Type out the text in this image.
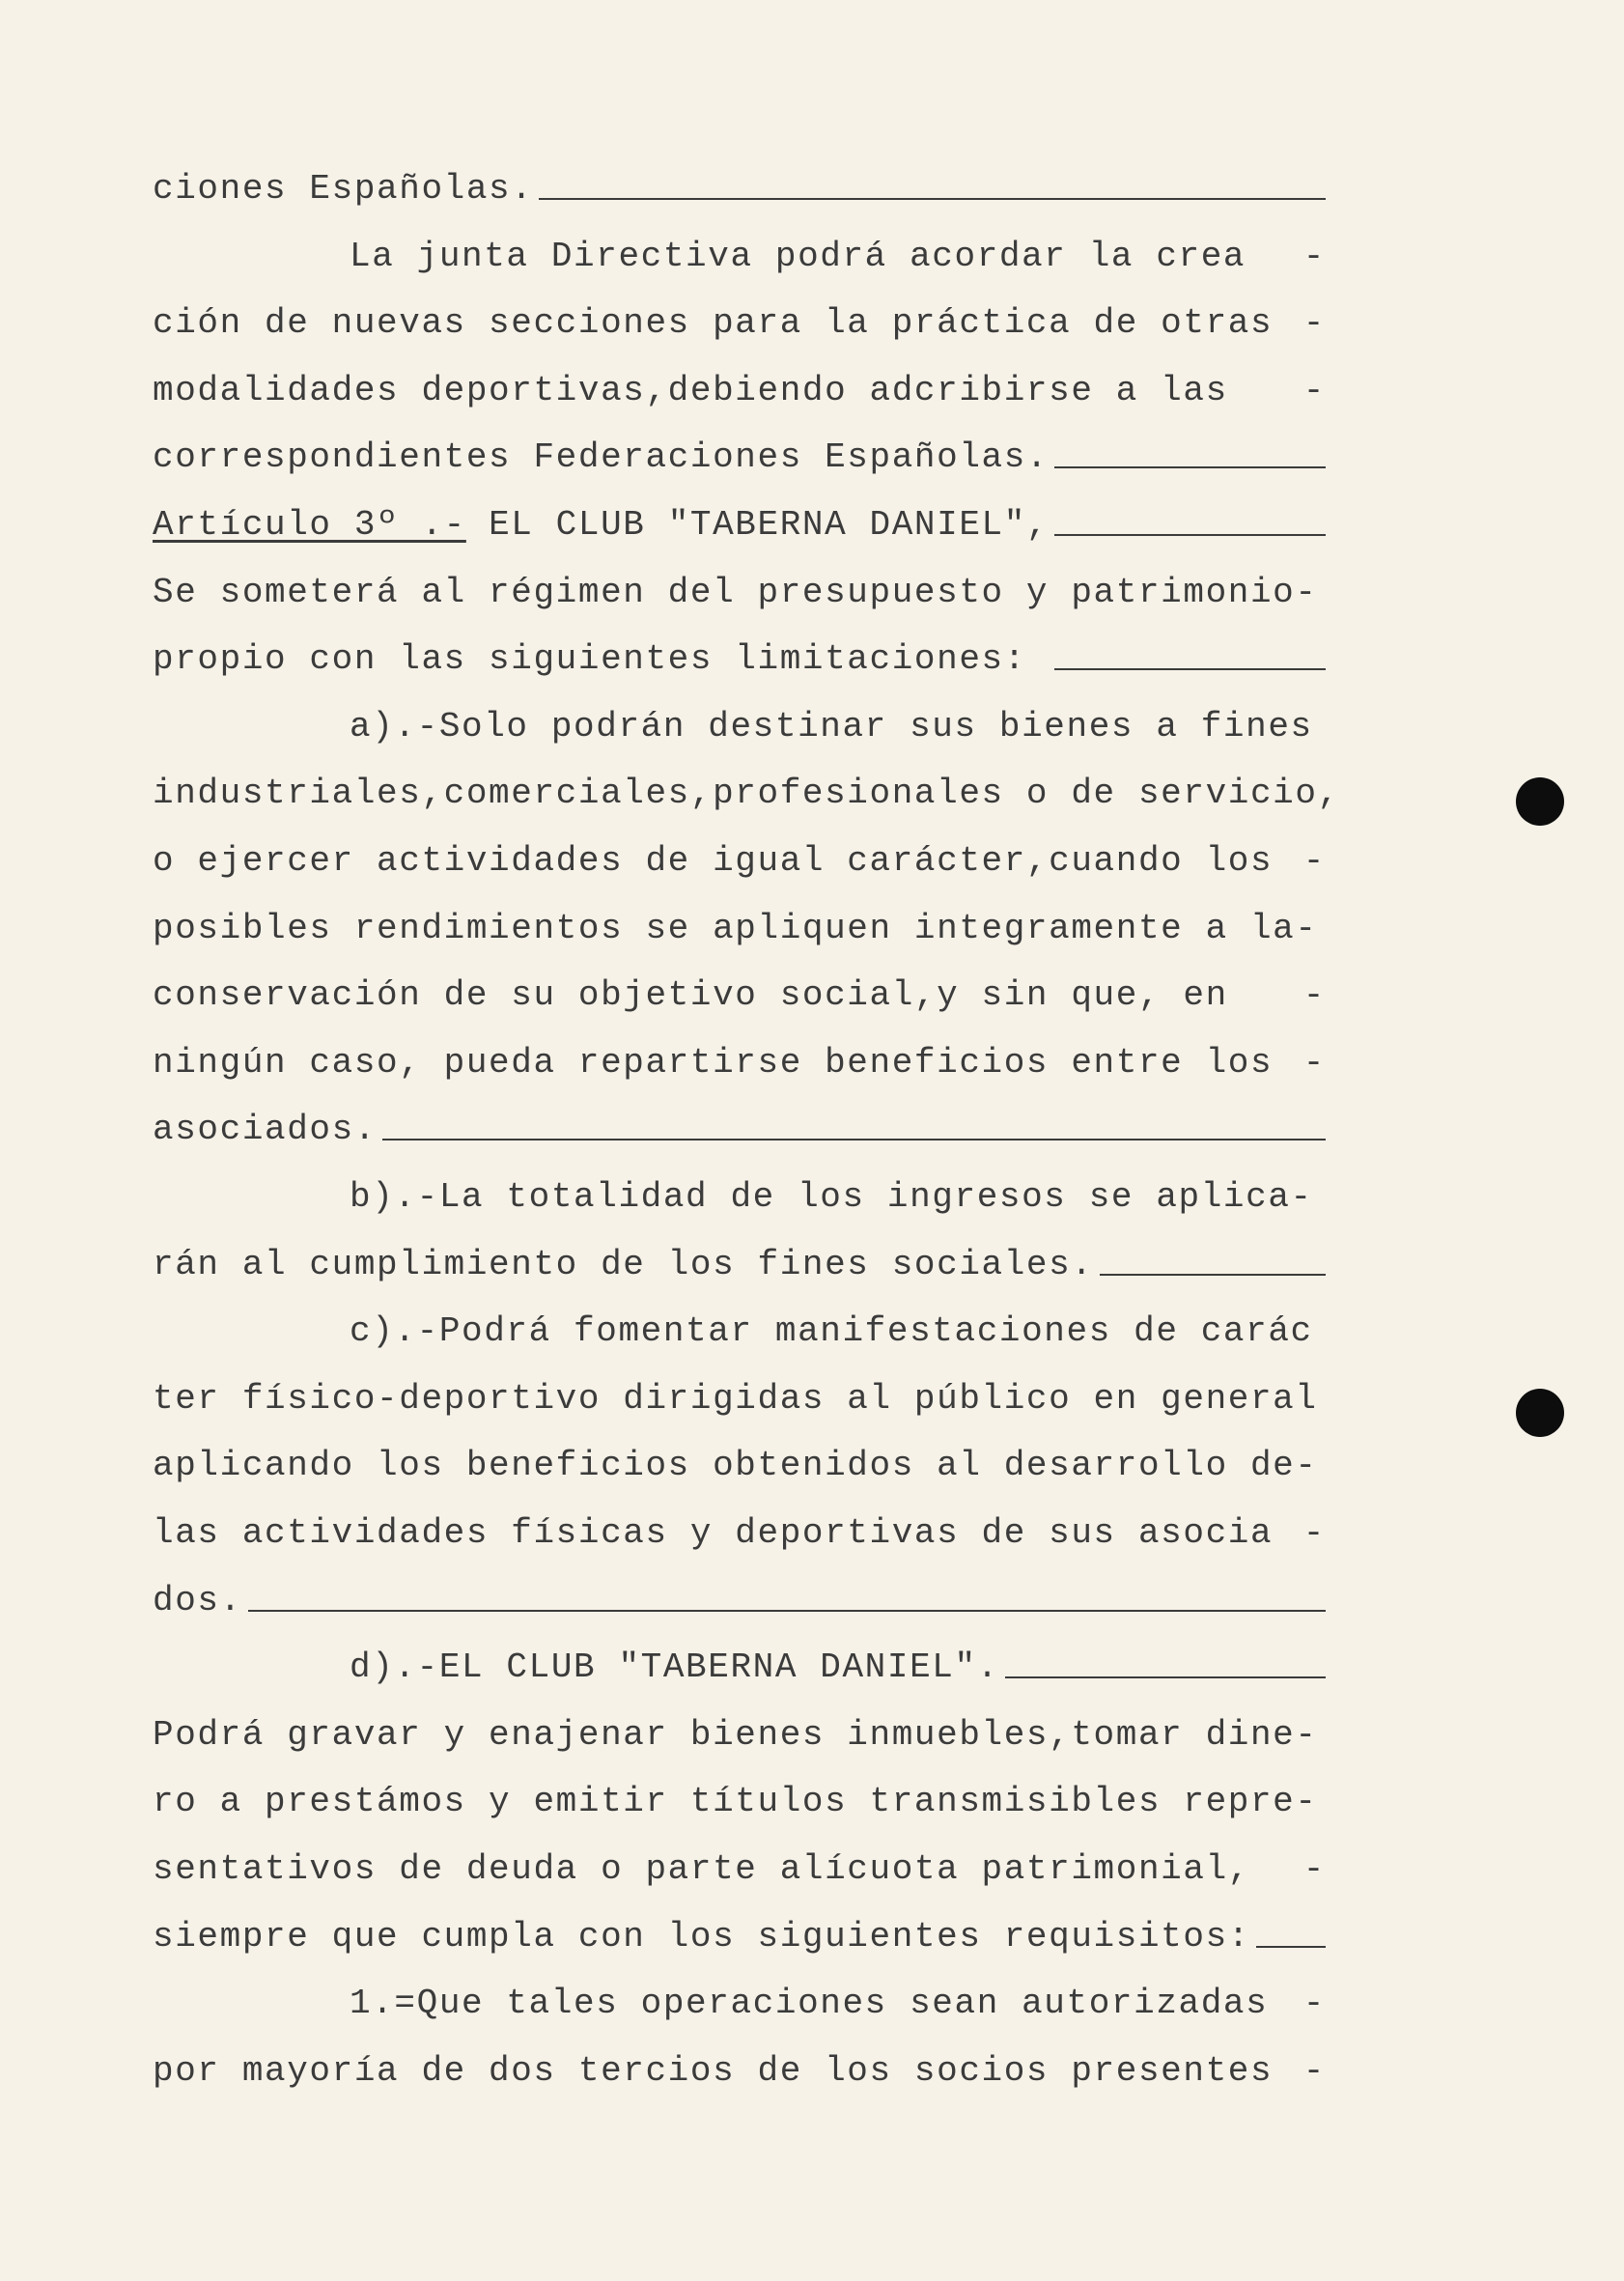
ciones Españolas.
La junta Directiva podrá acordar la crea -
ción de nuevas secciones para la práctica de otras -
modalidades deportivas,debiendo adcribirse a las -
correspondientes Federaciones Españolas.
Artículo 3º .- EL CLUB "TABERNA DANIEL",
Se someterá al régimen del presupuesto y patrimonio-
propio con las siguientes limitaciones:
a).-Solo podrán destinar sus bienes a fines
industriales,comerciales,profesionales o de servicio,
o ejercer actividades de igual carácter,cuando los -
posibles rendimientos se apliquen integramente a la-
conservación de su objetivo social,y sin que, en -
ningún caso, pueda repartirse beneficios entre los -
asociados.
b).-La totalidad de los ingresos se aplica-
rán al cumplimiento de los fines sociales.
c).-Podrá fomentar manifestaciones de carác
ter físico-deportivo dirigidas al público en general
aplicando los beneficios obtenidos al desarrollo de-
las actividades físicas y deportivas de sus asocia -
dos.
d).-EL CLUB "TABERNA DANIEL".
Podrá gravar y enajenar bienes inmuebles,tomar dine-
ro a prestámos y emitir títulos transmisibles repre-
sentativos de deuda o parte alícuota patrimonial, -
siempre que cumpla con los siguientes requisitos:
1.=Que tales operaciones sean autorizadas -
por mayoría de dos tercios de los socios presentes -
